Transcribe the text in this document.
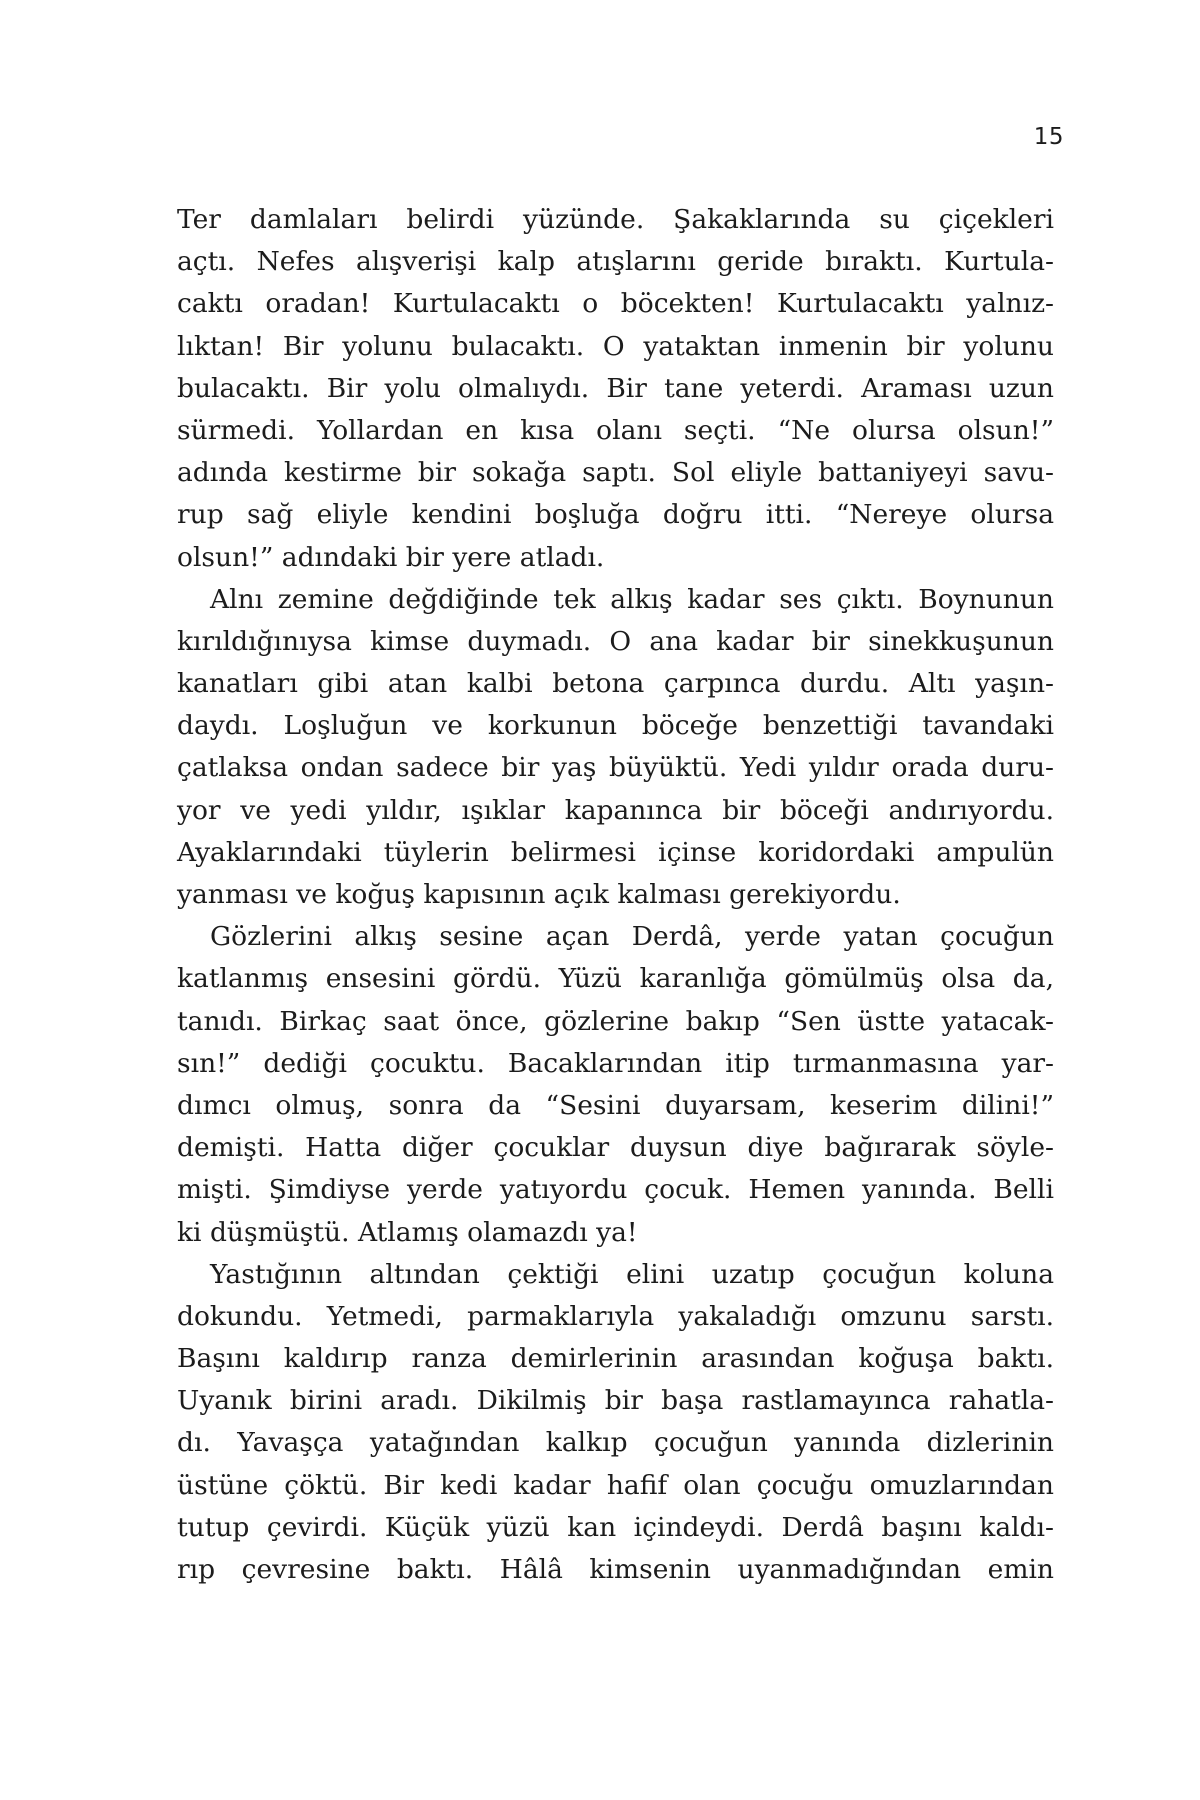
15

Ter damlaları belirdi yüzünde. Şakaklarında su çiçekleri
açtı. Nefes alışverişi kalp atışlarını geride bıraktı. Kurtula-
caktı oradan! Kurtulacaktı o böcekten! Kurtulacaktı yalnız-
lıktan! Bir yolunu bulacaktı. O yataktan inmenin bir yolunu
bulacaktı. Bir yolu olmalıydı. Bir tane yeterdi. Araması uzun
sürmedi. Yollardan en kısa olanı seçti. “Ne olursa olsun!”
adında kestirme bir sokağa saptı. Sol eliyle battaniyeyi savu-
rup sağ eliyle kendini boşluğa doğru itti. “Nereye olursa
olsun!” adındaki bir yere atladı.

Alnı zemine değdiğinde tek alkış kadar ses çıktı. Boynunun
kırıldığınıysa kimse duymadı. O ana kadar bir sinekkuşunun
kanatları gibi atan kalbi betona çarpınca durdu. Altı yaşın-
daydı. Loşluğun ve korkunun böceğe benzettiği tavandaki
çatlaksa ondan sadece bir yaş büyüktü. Yedi yıldır orada duru-
yor ve yedi yıldır, ışıklar kapanınca bir böceği andırıyordu.
Ayaklarındaki tüylerin belirmesi içinse koridordaki ampulün
yanması ve koğuş kapısının açık kalması gerekiyordu.

Gözlerini alkış sesine açan Derdâ, yerde yatan çocuğun
katlanmış ensesini gördü. Yüzü karanlığa gömülmüş olsa da,
tanıdı. Birkaç saat önce, gözlerine bakıp “Sen üstte yatacak-
sın!” dediği çocuktu. Bacaklarından itip tırmanmasına yar-
dımcı olmuş, sonra da “Sesini duyarsam, keserim dilini!”
demişti. Hatta diğer çocuklar duysun diye bağırarak söyle-
mişti. Şimdiyse yerde yatıyordu çocuk. Hemen yanında. Belli
ki düşmüştü. Atlamış olamazdı ya!

Yastığının altından çektiği elini uzatıp çocuğun koluna
dokundu. Yetmedi, parmaklarıyla yakaladığı omzunu sarstı.
Başını kaldırıp ranza demirlerinin arasından koğuşa baktı.
Uyanık birini aradı. Dikilmiş bir başa rastlamayınca rahatla-
dı. Yavaşça yatağından kalkıp çocuğun yanında dizlerinin
üstüne çöktü. Bir kedi kadar hafif olan çocuğu omuzlarından
tutup çevirdi. Küçük yüzü kan içindeydi. Derdâ başını kaldı-
rıp çevresine baktı. Hâlâ kimsenin uyanmadığından emin
